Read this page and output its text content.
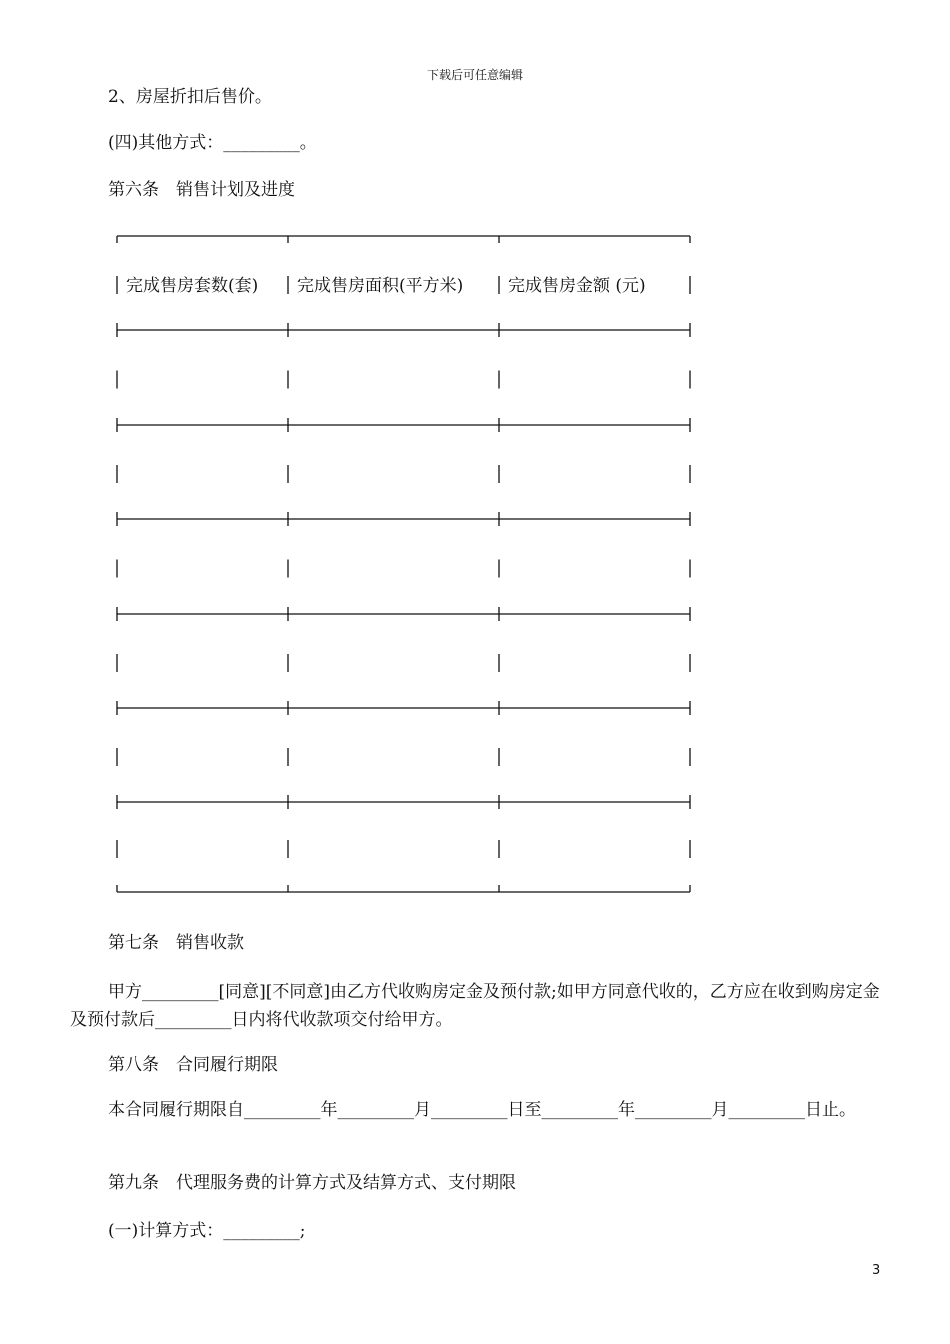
下载后可任意编辑
2、房屋折扣后售价。
(四)其他方式：_________。
第六条　销售计划及进度
完成售房套数(套) 完成售房面积(平方米)	完成售房金额 (元)
第七条　销售收款
甲方_________[同意][不同意]由乙方代收购房定金及预付款;如甲方同意代收的，乙方应在收到购房定金及预付款后_________日内将代收款项交付给甲方。
第八条　合同履行期限
本合同履行期限自_________年_________月_________日至_________年_________月_________日止。
第九条　代理服务费的计算方式及结算方式、支付期限
(一)计算方式：_________;
3
